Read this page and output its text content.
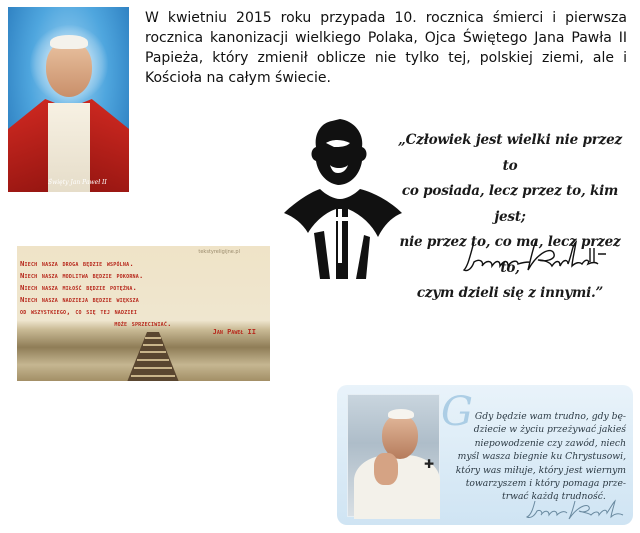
Święty Jan Paweł II

W kwietniu 2015 roku przypada 10. rocznica śmierci i pierwsza rocznica kanonizacji wielkiego Polaka, Ojca Świętego Jana Pawła II Papieża, który zmienił oblicze nie tylko tej, polskiej ziemi, ale i Kościoła na całym świecie.

„Człowiek jest wielki nie przez to
co posiada, lecz przez to, kim jest;
nie przez to, co ma, lecz przez to,
czym dzieli się z innymi.”
tekstyreligijne.pl
Niech nasza droga będzie wspólna.
Niech nasza modlitwa będzie pokorna.
Niech nasza miłość będzie potężna.
Niech nasza nadzieja będzie większa
od wszystkiego, co się tej nadziei
może sprzeciwiać.
Jan Paweł II
✚
G Gdy będzie wam trudno, gdy bę-
dziecie w życiu przeżywać jakieś
niepowodzenie czy zawód, niech
myśl wasza biegnie ku Chrystusowi,
który was miłuje, który jest wiernym
towarzyszem i który pomaga prze-
trwać każdą trudność.
